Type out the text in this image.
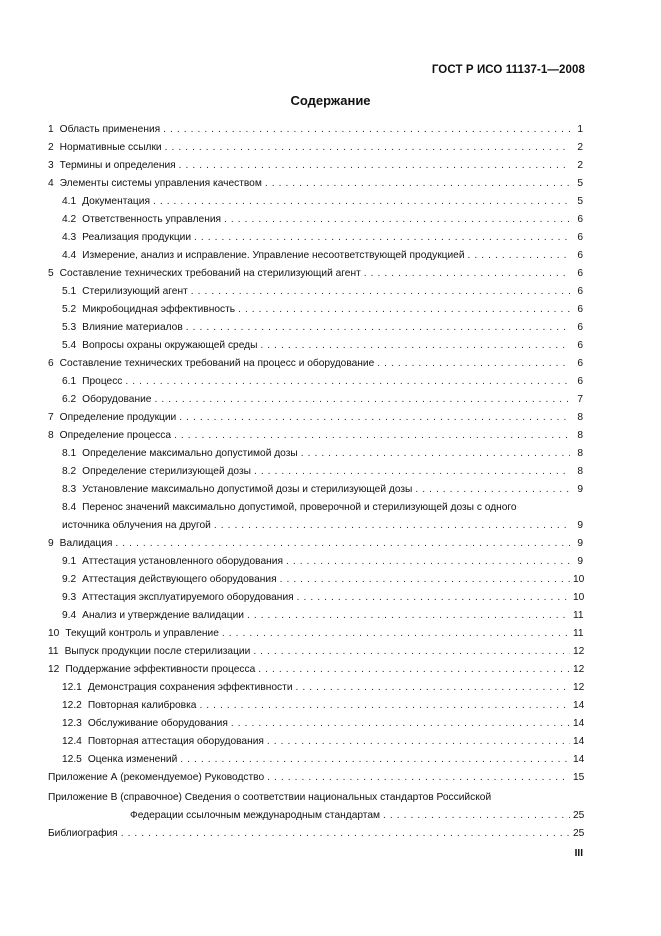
ГОСТ Р ИСО 11137-1—2008
Содержание
1 Область применения . . .	1
2 Нормативные ссылки . . .	2
3 Термины и определения . . .	2
4 Элементы системы управления качеством . . .	5
4.1 Документация . . .	5
4.2 Ответственность управления . . .	6
4.3 Реализация продукции . . .	6
4.4 Измерение, анализ и исправление. Управление несоответствующей продукцией . . .	6
5 Составление технических требований на стерилизующий агент . . .	6
5.1 Стерилизующий агент . . .	6
5.2 Микробоцидная эффективность . . .	6
5.3 Влияние материалов . . .	6
5.4 Вопросы охраны окружающей среды . . .	6
6 Составление технических требований на процесс и оборудование . . .	6
6.1 Процесс . . .	6
6.2 Оборудование . . .	7
7 Определение продукции . . .	8
8 Определение процесса . . .	8
8.1 Определение максимально допустимой дозы . . .	8
8.2 Определение стерилизующей дозы . . .	8
8.3 Установление максимально допустимой дозы и стерилизующей дозы . . .	9
8.4 Перенос значений максимально допустимой, проверочной и стерилизующей дозы с одного
источника облучения на другой . . .	9
9 Валидация . . .	9
9.1 Аттестация установленного оборудования . . .	9
9.2 Аттестация действующего оборудования . . .	10
9.3 Аттестация эксплуатируемого оборудования . . .	10
9.4 Анализ и утверждение валидации . . .	11
10 Текущий контроль и управление . . .	11
11 Выпуск продукции после стерилизации . . .	12
12 Поддержание эффективности процесса . . .	12
12.1 Демонстрация сохранения эффективности . . .	12
12.2 Повторная калибровка . . .	14
12.3 Обслуживание оборудования . . .	14
12.4 Повторная аттестация оборудования . . .	14
12.5 Оценка изменений . . .	14
Приложение А (рекомендуемое) Руководство . . .	15
Приложение В (справочное) Сведения о соответствии национальных стандартов Российской
Федерации ссылочным международным стандартам . . .	25
Библиография . . .	25
III
